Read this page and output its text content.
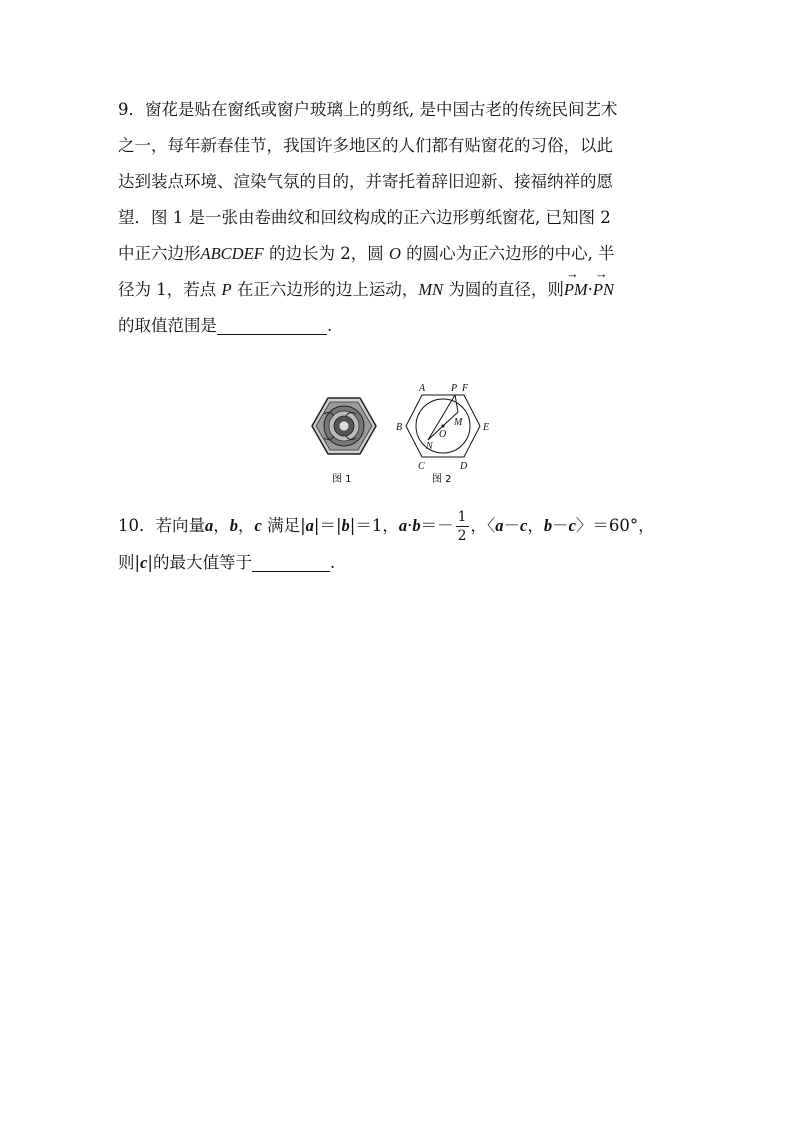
9．窗花是贴在窗纸或窗户玻璃上的剪纸, 是中国古老的传统民间艺术
之一，每年新春佳节，我国许多地区的人们都有贴窗花的习俗，以此
达到装点环境、渲染气氛的目的，并寄托着辞旧迎新、接福纳祥的愿
望．图 1 是一张由卷曲纹和回纹构成的正六边形剪纸窗花, 已知图 2
中正六边形ABCDEF 的边长为 2，圆 O 的圆心为正六边形的中心, 半
径为 1，若点 P 在正六边形的边上运动，MN 为圆的直径，则→ PM·→ PN
的取值范围是	.
图 1
A	P F
B	E
C	D
M
N
O
图 2
10．若向量a，b，c 满足|a|＝|b|＝1，$a\cdot b=- \frac{1}{2}$ ，〈a－c，b－c〉＝60°，
则|c|的最大值等于	.
